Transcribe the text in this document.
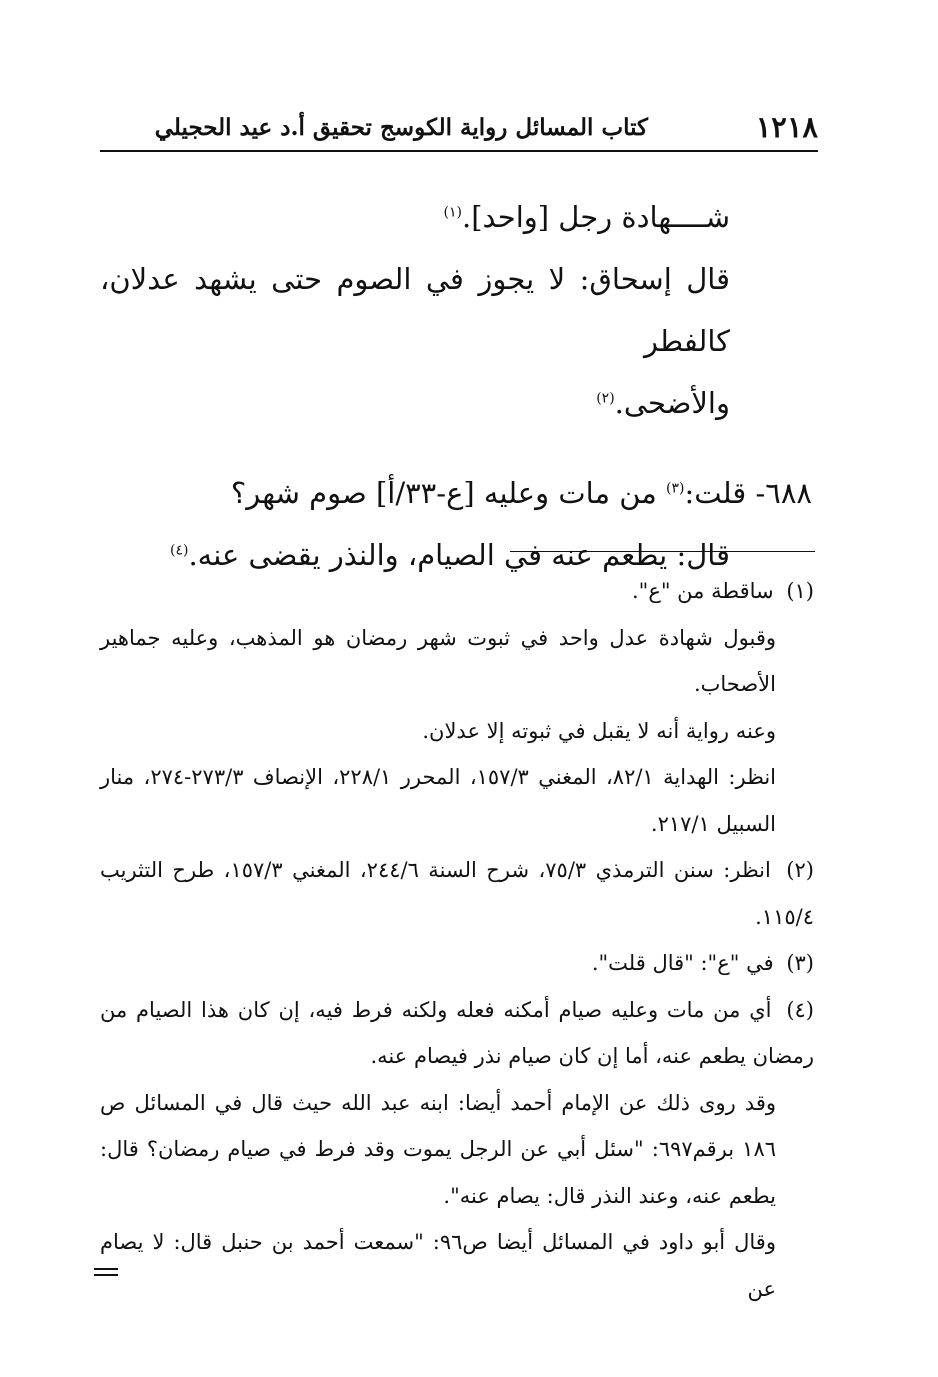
١٢١٨
كتاب المسائل رواية الكوسج تحقيق أ.د عيد الحجيلي

شــــهادة رجل [واحد].$^{(١)}$

قال إسحاق: لا يجوز في الصوم حتى يشهد عدلان، كالفطر

والأضحى.$^{(٢)}$

٦٨٨- قلت:$^{(٣)}$ من مات وعليه [ع-٣٣/أ] صوم شهر؟

قال: يطعم عنه في الصيام، والنذر يقضى عنه.$^{(٤)}$

(١) ساقطة من "ع".

وقبول شهادة عدل واحد في ثبوت شهر رمضان هو المذهب، وعليه جماهير الأصحاب.

وعنه رواية أنه لا يقبل في ثبوته إلا عدلان.

انظر: الهداية ٨٢/١، المغني ١٥٧/٣، المحرر ٢٢٨/١، الإنصاف ٢٧٣/٣-٢٧٤، منار السبيل ٢١٧/١.

(٢) انظر: سنن الترمذي ٧٥/٣، شرح السنة ٢٤٤/٦، المغني ١٥٧/٣، طرح التثريب ١١٥/٤.

(٣) في "ع": "قال قلت".

(٤) أي من مات وعليه صيام أمكنه فعله ولكنه فرط فيه، إن كان هذا الصيام من رمضان يطعم عنه، أما إن كان صيام نذر فيصام عنه.

وقد روى ذلك عن الإمام أحمد أيضا: ابنه عبد الله حيث قال في المسائل ص ١٨٦ برقم٦٩٧: "سئل أبي عن الرجل يموت وقد فرط في صيام رمضان؟ قال: يطعم عنه، وعند النذر قال: يصام عنه".

وقال أبو داود في المسائل أيضا ص٩٦: "سمعت أحمد بن حنبل قال: لا يصام عن
